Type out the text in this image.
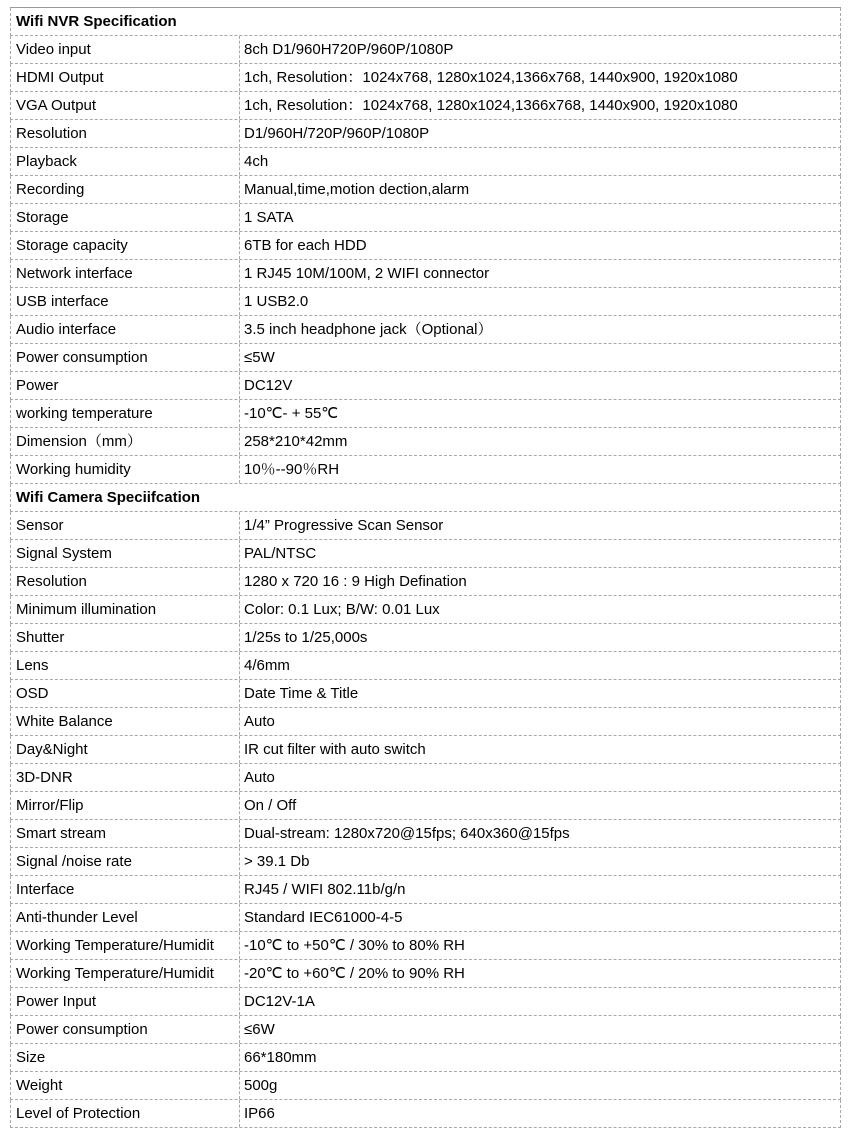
Wifi NVR Specification
Video input	8ch D1/960H720P/960P/1080P
HDMI Output	1ch, Resolution：1024x768, 1280x1024,1366x768, 1440x900, 1920x1080
VGA Output	1ch, Resolution：1024x768, 1280x1024,1366x768, 1440x900, 1920x1080
Resolution	D1/960H/720P/960P/1080P
Playback	4ch
Recording	Manual,time,motion dection,alarm
Storage	1 SATA
Storage capacity	6TB for each HDD
Network interface	1 RJ45 10M/100M, 2 WIFI connector
USB interface	1 USB2.0
Audio interface	3.5 inch headphone jack（Optional）
Power consumption	≤5W
Power	DC12V
working temperature	-10℃- + 55℃
Dimension（mm）	258*210*42mm
Working humidity	10％--90％RH
Wifi Camera Speciifcation
Sensor	1/4” Progressive Scan Sensor
Signal System	PAL/NTSC
Resolution	1280 x 720 16 : 9 High Defination
Minimum illumination	Color: 0.1 Lux; B/W: 0.01 Lux
Shutter	1/25s to 1/25,000s
Lens	4/6mm
OSD	Date Time & Title
White Balance	Auto
Day&Night	IR cut filter with auto switch
3D-DNR	Auto
Mirror/Flip	On / Off
Smart stream	Dual-stream: 1280x720@15fps; 640x360@15fps
Signal /noise rate	> 39.1 Db
Interface	RJ45 / WIFI 802.11b/g/n
Anti-thunder Level	Standard IEC61000-4-5
Working Temperature/Humidit	-10℃ to +50℃ / 30% to 80% RH
Working Temperature/Humidit	-20℃ to +60℃ / 20% to 90% RH
Power Input	DC12V-1A
Power consumption	≤6W
Size	66*180mm
Weight	500g
Level of Protection	IP66
